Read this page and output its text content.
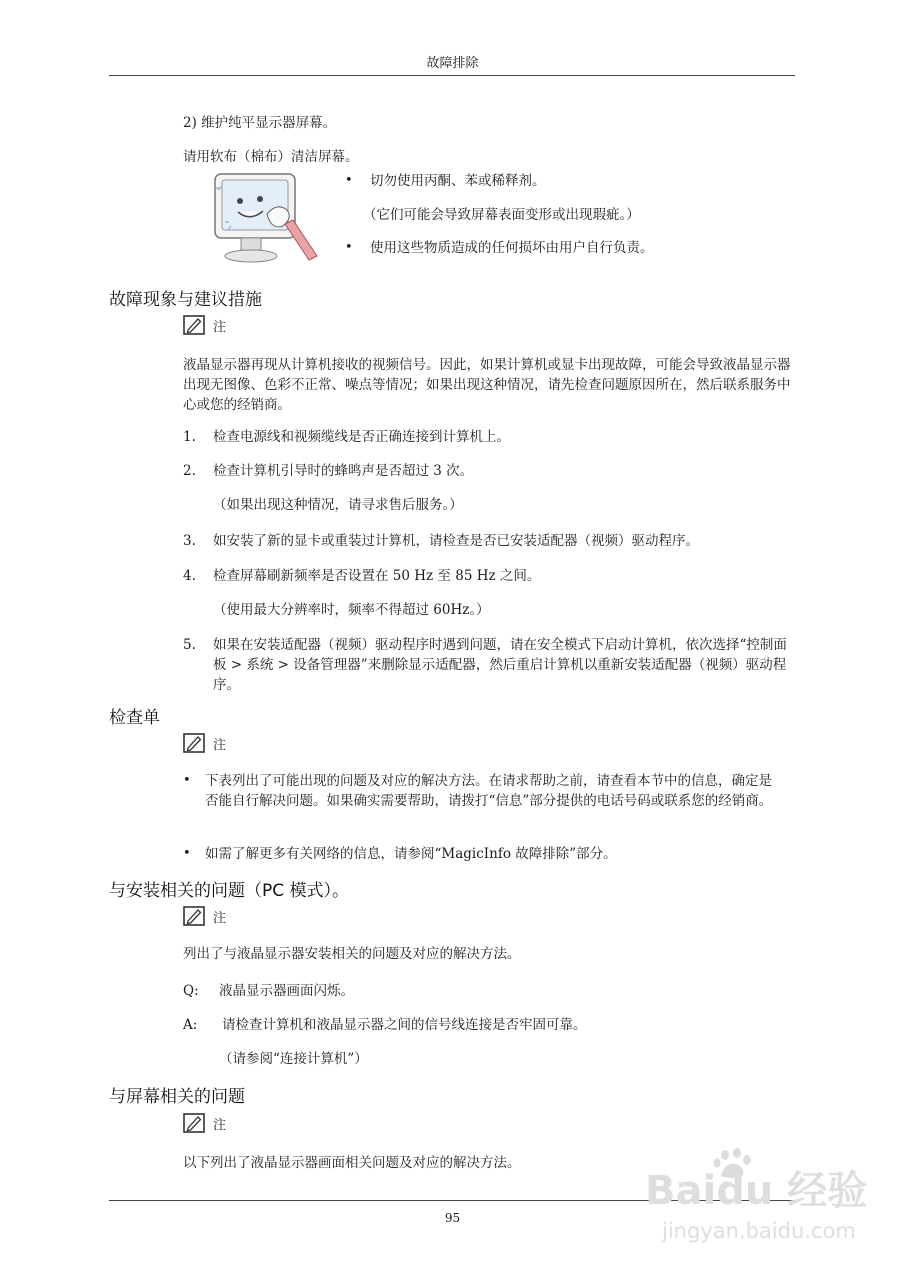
故障排除
2) 维护纯平显示器屏幕。
请用软布（棉布）清洁屏幕。
• 切勿使用丙酮、苯或稀释剂。
（它们可能会导致屏幕表面变形或出现瑕疵。）
• 使用这些物质造成的任何损坏由用户自行负责。
故障现象与建议措施
注
液晶显示器再现从计算机接收的视频信号。因此，如果计算机或显卡出现故障，可能会导致液晶显示器出现无图像、色彩不正常、噪点等情况；如果出现这种情况，请先检查问题原因所在，然后联系服务中心或您的经销商。
1. 检查电源线和视频缆线是否正确连接到计算机上。
2. 检查计算机引导时的蜂鸣声是否超过 3 次。
（如果出现这种情况，请寻求售后服务。）
3. 如安装了新的显卡或重装过计算机，请检查是否已安装适配器（视频）驱动程序。
4. 检查屏幕刷新频率是否设置在 50 Hz 至 85 Hz 之间。
（使用最大分辨率时，频率不得超过 60Hz。）
5. 如果在安装适配器（视频）驱动程序时遇到问题，请在安全模式下启动计算机，依次选择“控制面板 > 系统 > 设备管理器”来删除显示适配器，然后重启计算机以重新安装适配器（视频）驱动程序。
检查单
注
• 下表列出了可能出现的问题及对应的解决方法。在请求帮助之前，请查看本节中的信息，确定是否能自行解决问题。如果确实需要帮助，请拨打“信息”部分提供的电话号码或联系您的经销商。
• 如需了解更多有关网络的信息，请参阅“MagicInfo 故障排除”部分。
与安装相关的问题（PC 模式）。
注
列出了与液晶显示器安装相关的问题及对应的解决方法。
Q: 液晶显示器画面闪烁。
A: 请检查计算机和液晶显示器之间的信号线连接是否牢固可靠。
（请参阅“连接计算机”）
与屏幕相关的问题
注
以下列出了液晶显示器画面相关问题及对应的解决方法。
95
Baidu 经验
jingyan.baidu.com
